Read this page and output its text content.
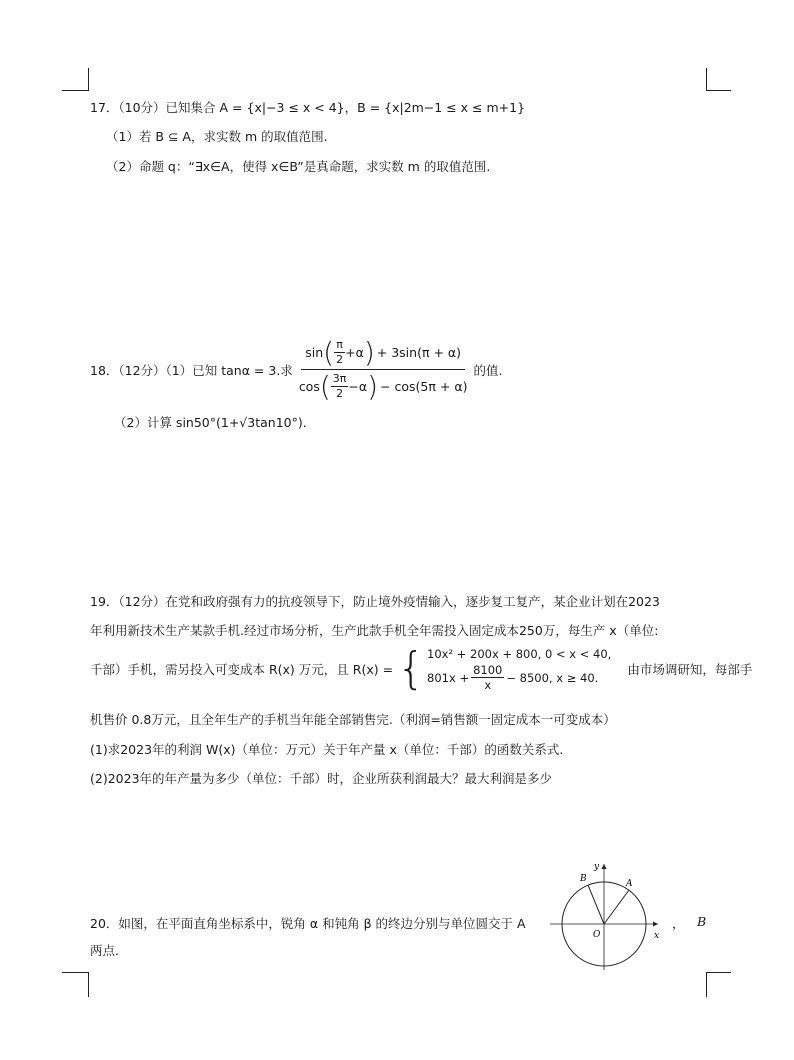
17．（10分）已知集合 A = {x|−3 ≤ x < 4}，B = {x|2m−1 ≤ x ≤ m+1}
（1）若 B ⊆ A，求实数 m 的取值范围.
（2）命题 q：“∃x∈A，使得 x∈B”是真命题，求实数 m 的取值范围.
18．（12分）（1）已知 tanα = 3.求
sin ( $\frac{\pi}{2} +\alpha$ ) + 3sin(π + α)
cos ( $\frac{3\pi}{2} -\alpha$ ) − cos(5π + α)
的值.
（2）计算 sin50°(1+√3tan10°).
19．（12分）在党和政府强有力的抗疫领导下，防止境外疫情输入，逐步复工复产，某企业计划在2023
年利用新技术生产某款手机.经过市场分析，生产此款手机全年需投入固定成本250万，每生产 x（单位:
千部）手机，需另投入可变成本 R(x) 万元，且 R(x) = { 10x² + 200x + 800, 0 < x < 40,
$801x + \frac{8100}{x} - 8500$, x ≥ 40.
由市场调研知，每部手
机售价 0.8万元，且全年生产的手机当年能全部销售完.（利润=销售额一固定成本一可变成本）
(1)求2023年的利润 W(x)（单位：万元）关于年产量 x（单位：千部）的函数关系式.
(2)2023年的年产量为多少（单位：千部）时，企业所获利润最大？最大利润是多少
20．如图，在平面直角坐标系中，锐角 α 和钝角 β 的终边分别与单位圆交于 A	， B
两点.
y
x
O
A
B
